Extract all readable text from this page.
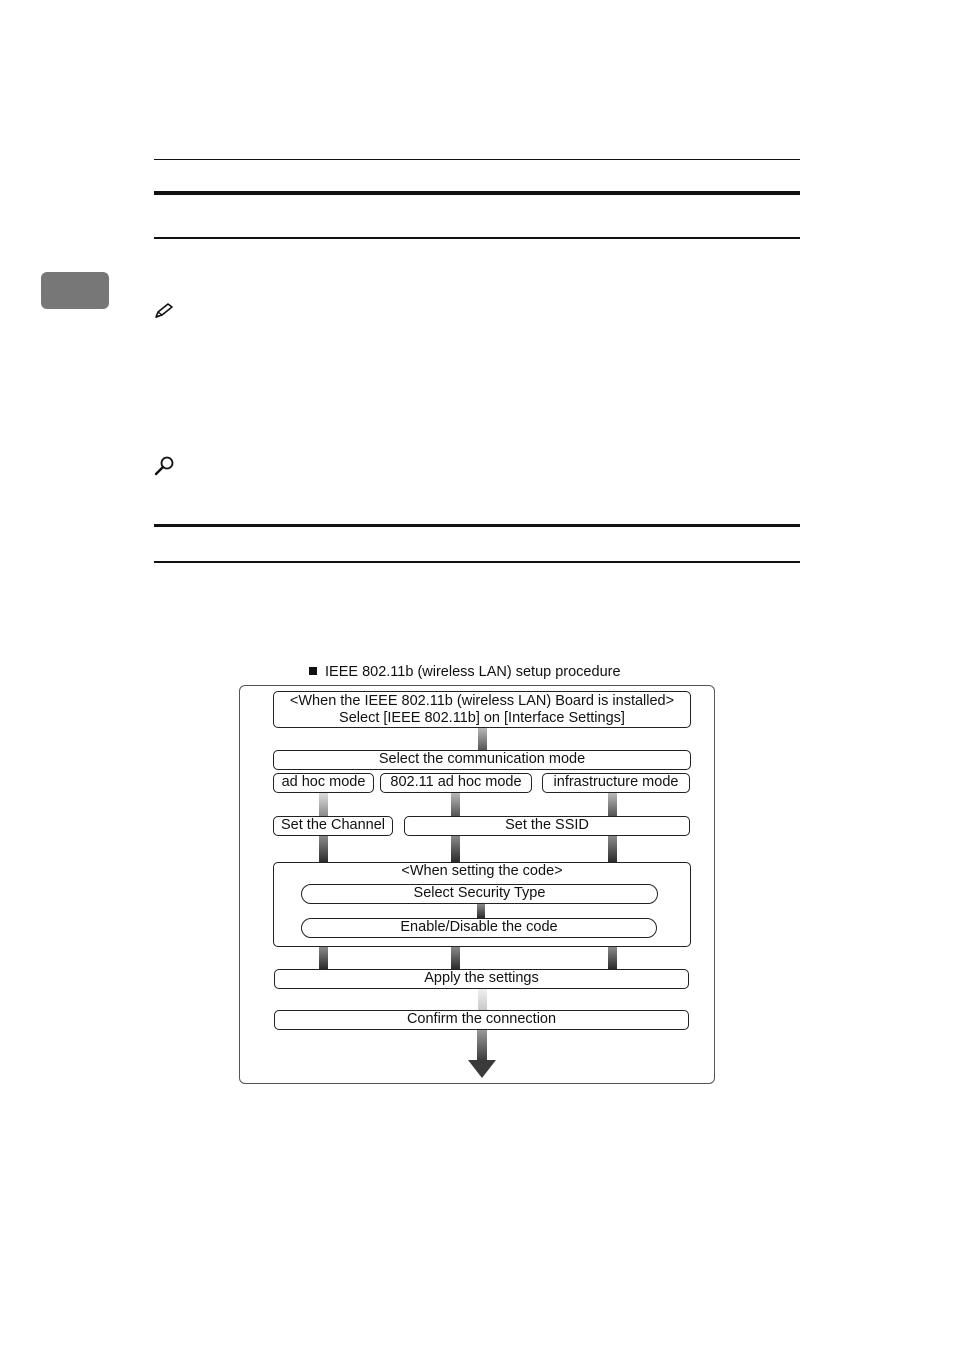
IEEE 802.11b (wireless LAN) setup procedure
<When the IEEE 802.11b (wireless LAN) Board is installed>
Select [IEEE 802.11b] on [Interface Settings]
Select the communication mode
ad hoc mode	802.11 ad hoc mode	infrastructure mode
Set the Channel	Set the SSID
<When setting the code>
Select Security Type
Enable/Disable the code
Apply the settings
Confirm the connection
